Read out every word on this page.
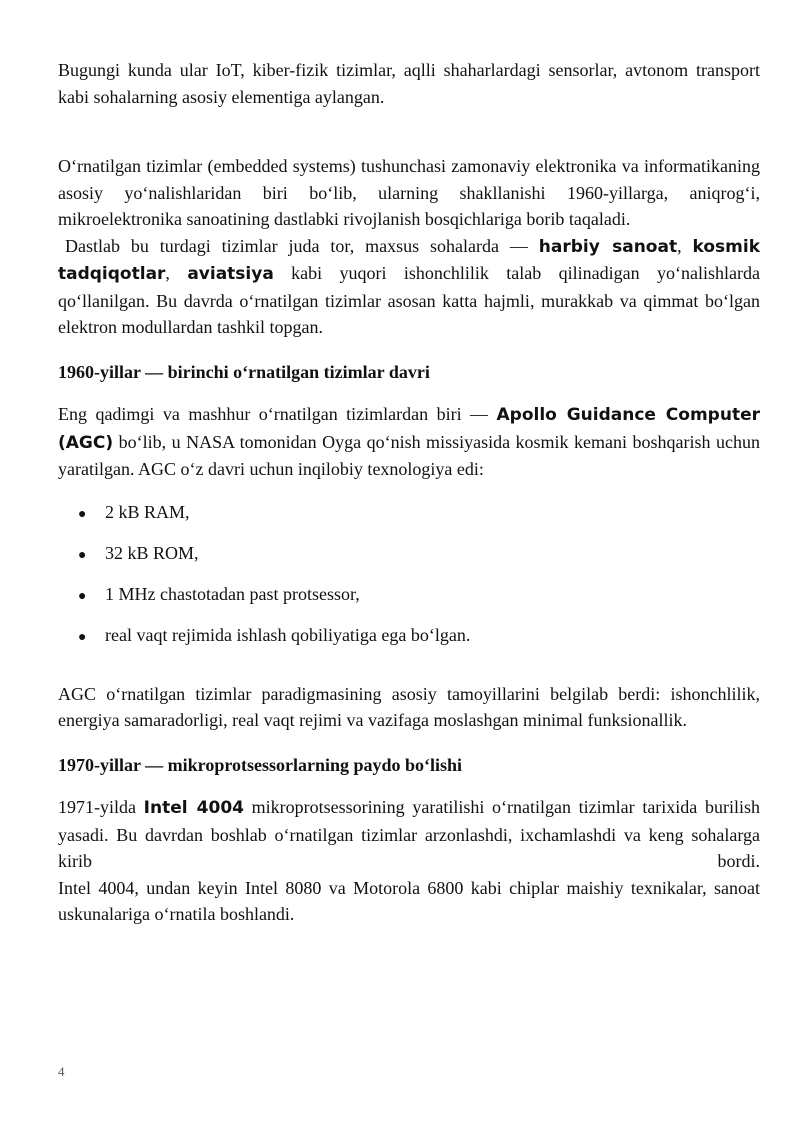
Bugungi kunda ular IoT, kiber-fizik tizimlar, aqlli shaharlardagi sensorlar, avtonom transport kabi sohalarning asosiy elementiga aylangan.

O‘rnatilgan tizimlar (embedded systems) tushunchasi zamonaviy elektronika va informatikaning asosiy yo‘nalishlaridan biri bo‘lib, ularning shakllanishi 1960-yillarga, aniqrog‘i, mikroelektronika sanoatining dastlabki rivojlanish bosqichlariga borib taqaladi.

Dastlab bu turdagi tizimlar juda tor, maxsus sohalarda — harbiy sanoat, kosmik tadqiqotlar, aviatsiya kabi yuqori ishonchlilik talab qilinadigan yo‘nalishlarda qo‘llanilgan. Bu davrda o‘rnatilgan tizimlar asosan katta hajmli, murakkab va qimmat bo‘lgan elektron modullardan tashkil topgan.

1960-yillar — birinchi o‘rnatilgan tizimlar davri

Eng qadimgi va mashhur o‘rnatilgan tizimlardan biri — Apollo Guidance Computer (AGC) bo‘lib, u NASA tomonidan Oyga qo‘nish missiyasida kosmik kemani boshqarish uchun yaratilgan. AGC o‘z davri uchun inqilobiy texnologiya edi:

● 2 kB RAM,
● 32 kB ROM,
● 1 MHz chastotadan past protsessor,
● real vaqt rejimida ishlash qobiliyatiga ega bo‘lgan.

AGC o‘rnatilgan tizimlar paradigmasining asosiy tamoyillarini belgilab berdi: ishonchlilik, energiya samaradorligi, real vaqt rejimi va vazifaga moslashgan minimal funksionallik.

1970-yillar — mikroprotsessorlarning paydo bo‘lishi

1971-yilda Intel 4004 mikroprotsessorining yaratilishi o‘rnatilgan tizimlar tarixida burilish yasadi. Bu davrdan boshlab o‘rnatilgan tizimlar arzonlashdi, ixchamlashdi va keng sohalarga kirib bordi.

Intel 4004, undan keyin Intel 8080 va Motorola 6800 kabi chiplar maishiy texnikalar, sanoat uskunalariga o‘rnatila boshlandi.

4
